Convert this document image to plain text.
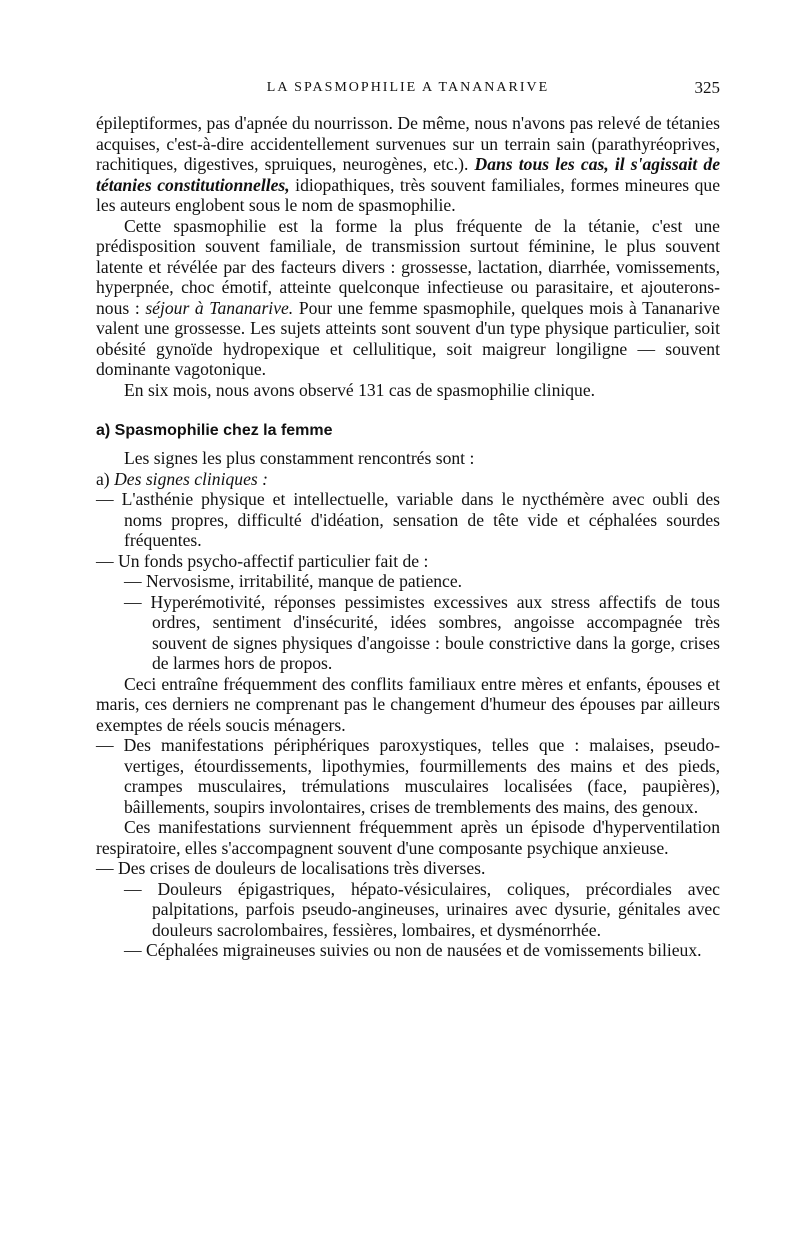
LA SPASMOPHILIE A TANANARIVE	325

épileptiformes, pas d'apnée du nourrisson. De même, nous n'avons pas relevé de tétanies acquises, c'est-à-dire accidentellement survenues sur un terrain sain (parathyréoprives, rachitiques, digestives, spruiques, neurogènes, etc.). Dans tous les cas, il s'agissait de tétanies constitutionnelles, idiopathiques, très souvent familiales, formes mineures que les auteurs englobent sous le nom de spasmophilie.

Cette spasmophilie est la forme la plus fréquente de la tétanie, c'est une prédisposition souvent familiale, de transmission surtout féminine, le plus souvent latente et révélée par des facteurs divers : grossesse, lactation, diarrhée, vomissements, hyperpnée, choc émotif, atteinte quelconque infectieuse ou parasitaire, et ajouterons-nous : séjour à Tananarive. Pour une femme spasmophile, quelques mois à Tananarive valent une grossesse. Les sujets atteints sont souvent d'un type physique particulier, soit obésité gynoïde hydropexique et cellulitique, soit maigreur longiligne — souvent dominante vagotonique.

En six mois, nous avons observé 131 cas de spasmophilie clinique.

a) Spasmophilie chez la femme

Les signes les plus constamment rencontrés sont :

a) Des signes cliniques :

— L'asthénie physique et intellectuelle, variable dans le nycthémère avec oubli des noms propres, difficulté d'idéation, sensation de tête vide et céphalées sourdes fréquentes.

— Un fonds psycho-affectif particulier fait de :

— Nervosisme, irritabilité, manque de patience.

— Hyperémotivité, réponses pessimistes excessives aux stress affectifs de tous ordres, sentiment d'insécurité, idées sombres, angoisse accompagnée très souvent de signes physiques d'angoisse : boule constrictive dans la gorge, crises de larmes hors de propos.

Ceci entraîne fréquemment des conflits familiaux entre mères et enfants, épouses et maris, ces derniers ne comprenant pas le changement d'humeur des épouses par ailleurs exemptes de réels soucis ménagers.

— Des manifestations périphériques paroxystiques, telles que : malaises, pseudo-vertiges, étourdissements, lipothymies, fourmillements des mains et des pieds, crampes musculaires, trémulations musculaires localisées (face, paupières), bâillements, soupirs involontaires, crises de tremblements des mains, des genoux.

Ces manifestations surviennent fréquemment après un épisode d'hyperventilation respiratoire, elles s'accompagnent souvent d'une composante psychique anxieuse.

— Des crises de douleurs de localisations très diverses.

— Douleurs épigastriques, hépato-vésiculaires, coliques, précordiales avec palpitations, parfois pseudo-angineuses, urinaires avec dysurie, génitales avec douleurs sacrolombaires, fessières, lombaires, et dysménorrhée.

— Céphalées migraineuses suivies ou non de nausées et de vomissements bilieux.
